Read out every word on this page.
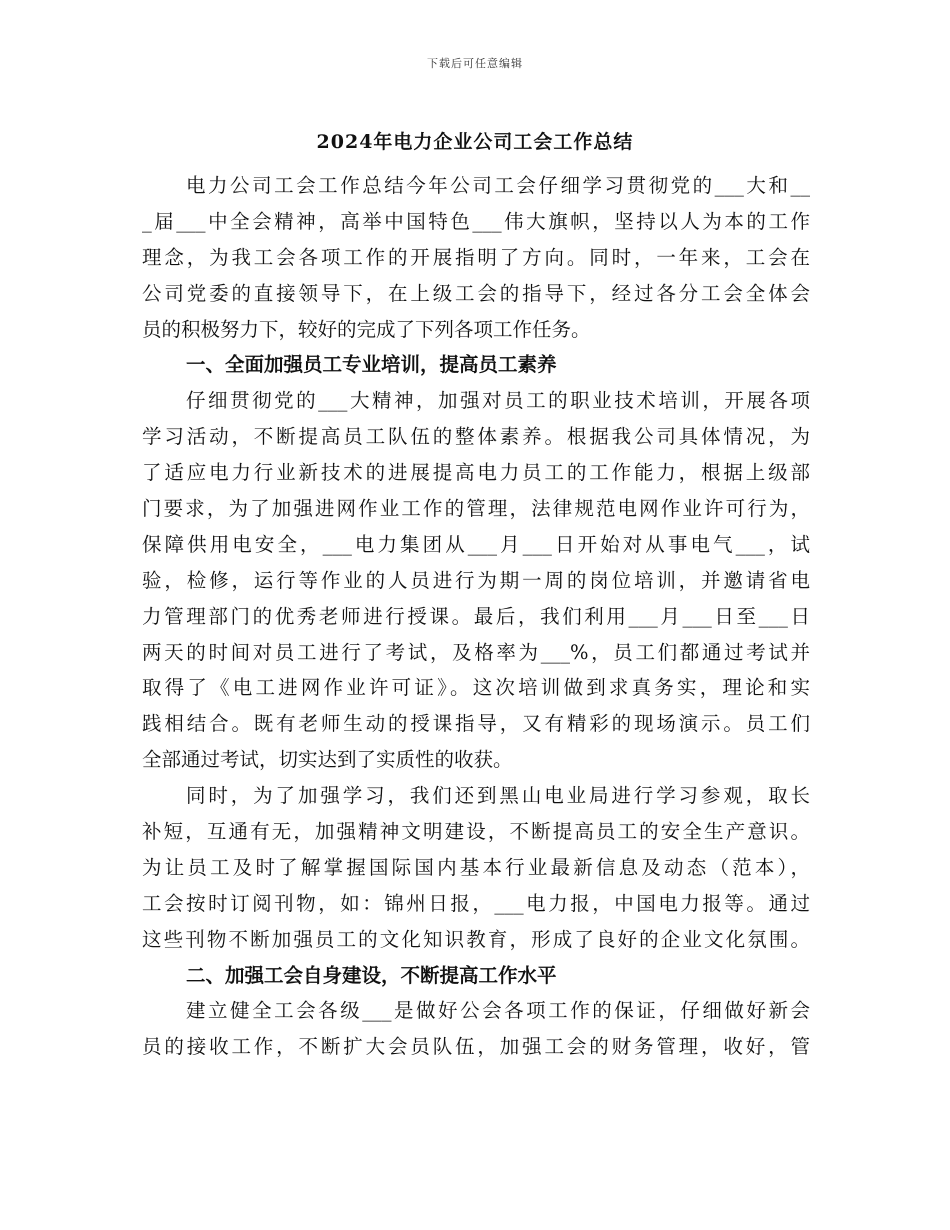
下载后可任意编辑
2024年电力企业公司工会工作总结
电力公司工会工作总结今年公司工会仔细学习贯彻党的___大和__
_届___中全会精神，高举中国特色___伟大旗帜，坚持以人为本的工作
理念，为我工会各项工作的开展指明了方向。同时，一年来，工会在
公司党委的直接领导下，在上级工会的指导下，经过各分工会全体会
员的积极努力下，较好的完成了下列各项工作任务。
一、全面加强员工专业培训，提高员工素养
仔细贯彻党的___大精神，加强对员工的职业技术培训，开展各项
学习活动，不断提高员工队伍的整体素养。根据我公司具体情况，为
了适应电力行业新技术的进展提高电力员工的工作能力，根据上级部
门要求，为了加强进网作业工作的管理，法律规范电网作业许可行为，
保障供用电安全，___电力集团从___月___日开始对从事电气___，试
验，检修，运行等作业的人员进行为期一周的岗位培训，并邀请省电
力管理部门的优秀老师进行授课。最后，我们利用___月___日至___日
两天的时间对员工进行了考试，及格率为___%，员工们都通过考试并
取得了《电工进网作业许可证》。这次培训做到求真务实，理论和实
践相结合。既有老师生动的授课指导，又有精彩的现场演示。员工们
全部通过考试，切实达到了实质性的收获。
同时，为了加强学习，我们还到黑山电业局进行学习参观，取长
补短，互通有无，加强精神文明建设，不断提高员工的安全生产意识。
为让员工及时了解掌握国际国内基本行业最新信息及动态（范本），
工会按时订阅刊物，如：锦州日报，___电力报，中国电力报等。通过
这些刊物不断加强员工的文化知识教育，形成了良好的企业文化氛围。
二、加强工会自身建设，不断提高工作水平
建立健全工会各级___是做好公会各项工作的保证，仔细做好新会
员的接收工作，不断扩大会员队伍，加强工会的财务管理，收好，管
